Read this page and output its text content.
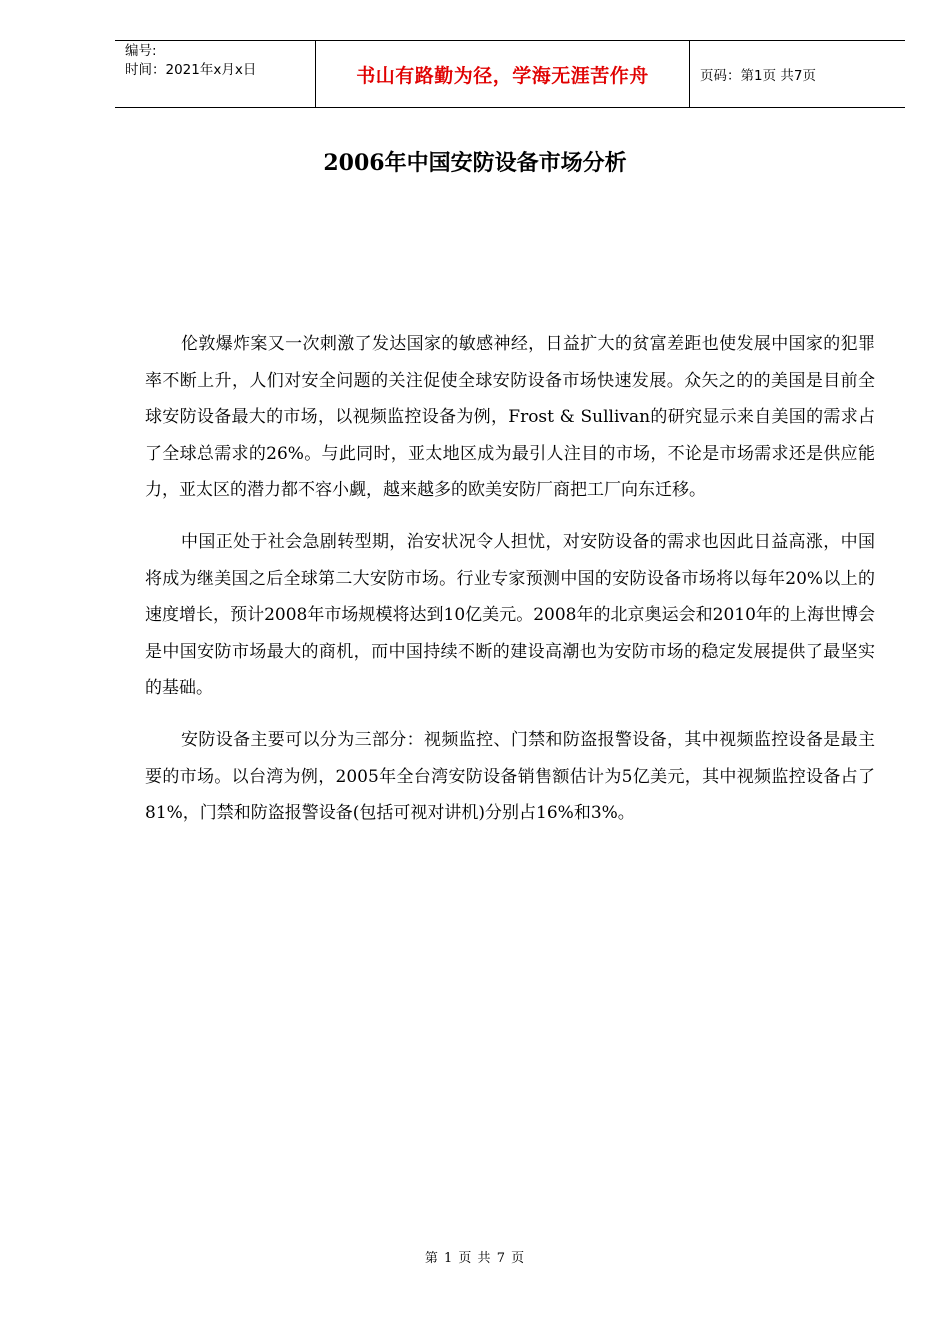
编号:
时间：2021年x月x日	书山有路勤为径，学海无涯苦作舟	页码：第1页 共7页
2006年中国安防设备市场分析

伦敦爆炸案又一次刺激了发达国家的敏感神经，日益扩大的贫富差距也使发展中国家的犯罪率不断上升，人们对安全问题的关注促使全球安防设备市场快速发展。众矢之的的美国是目前全球安防设备最大的市场，以视频监控设备为例，Frost & Sullivan的研究显示来自美国的需求占了全球总需求的26%。与此同时，亚太地区成为最引人注目的市场，不论是市场需求还是供应能力，亚太区的潜力都不容小觑，越来越多的欧美安防厂商把工厂向东迁移。

中国正处于社会急剧转型期，治安状况令人担忧，对安防设备的需求也因此日益高涨，中国将成为继美国之后全球第二大安防市场。行业专家预测中国的安防设备市场将以每年20%以上的速度增长，预计2008年市场规模将达到10亿美元。2008年的北京奥运会和2010年的上海世博会是中国安防市场最大的商机，而中国持续不断的建设高潮也为安防市场的稳定发展提供了最坚实的基础。

安防设备主要可以分为三部分：视频监控、门禁和防盗报警设备，其中视频监控设备是最主要的市场。以台湾为例，2005年全台湾安防设备销售额估计为5亿美元，其中视频监控设备占了81%，门禁和防盗报警设备(包括可视对讲机)分别占16%和3%。

第 1 页 共 7 页
